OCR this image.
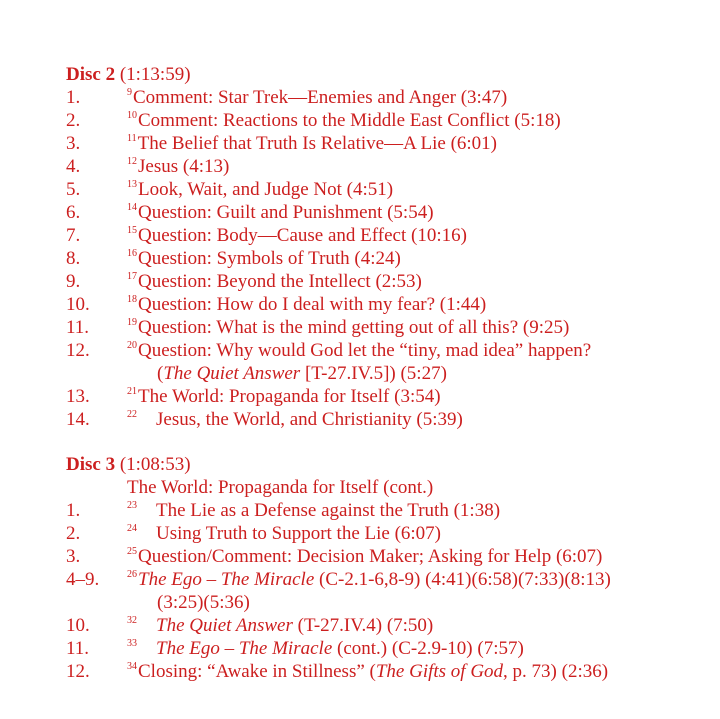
Disc 2 (1:13:59)
1.	$^9$Comment: Star Trek—Enemies and Anger (3:47)
2.	$^{10}$Comment: Reactions to the Middle East Conflict (5:18)
3.	$^{11}$The Belief that Truth Is Relative—A Lie (6:01)
4.	$^{12}$Jesus (4:13)
5.	$^{13}$Look, Wait, and Judge Not (4:51)
6.	$^{14}$Question: Guilt and Punishment (5:54)
7.	$^{15}$Question: Body—Cause and Effect (10:16)
8.	$^{16}$Question: Symbols of Truth (4:24)
9.	$^{17}$Question: Beyond the Intellect (2:53)
10.	$^{18}$Question: How do I deal with my fear? (1:44)
11.	$^{19}$Question: What is the mind getting out of all this? (9:25)
12.	$^{20}$Question: Why would God let the “tiny, mad idea” happen?
(The Quiet Answer [T-27.IV.5]) (5:27)
13.	$^{21}$The World: Propaganda for Itself (3:54)
14.	$^{22}$ Jesus, the World, and Christianity (5:39)
Disc 3 (1:08:53)
The World: Propaganda for Itself (cont.)
1.	$^{23}$ The Lie as a Defense against the Truth (1:38)
2.	$^{24}$ Using Truth to Support the Lie (6:07)
3.	$^{25}$Question/Comment: Decision Maker; Asking for Help (6:07)
4–9.	$^{26}$The Ego – The Miracle (C-2.1-6,8-9) (4:41)(6:58)(7:33)(8:13)
(3:25)(5:36)
10.	$^{32}$ The Quiet Answer (T-27.IV.4) (7:50)
11.	$^{33}$ The Ego – The Miracle (cont.) (C-2.9-10) (7:57)
12.	$^{34}$Closing: “Awake in Stillness” (The Gifts of God, p. 73) (2:36)
